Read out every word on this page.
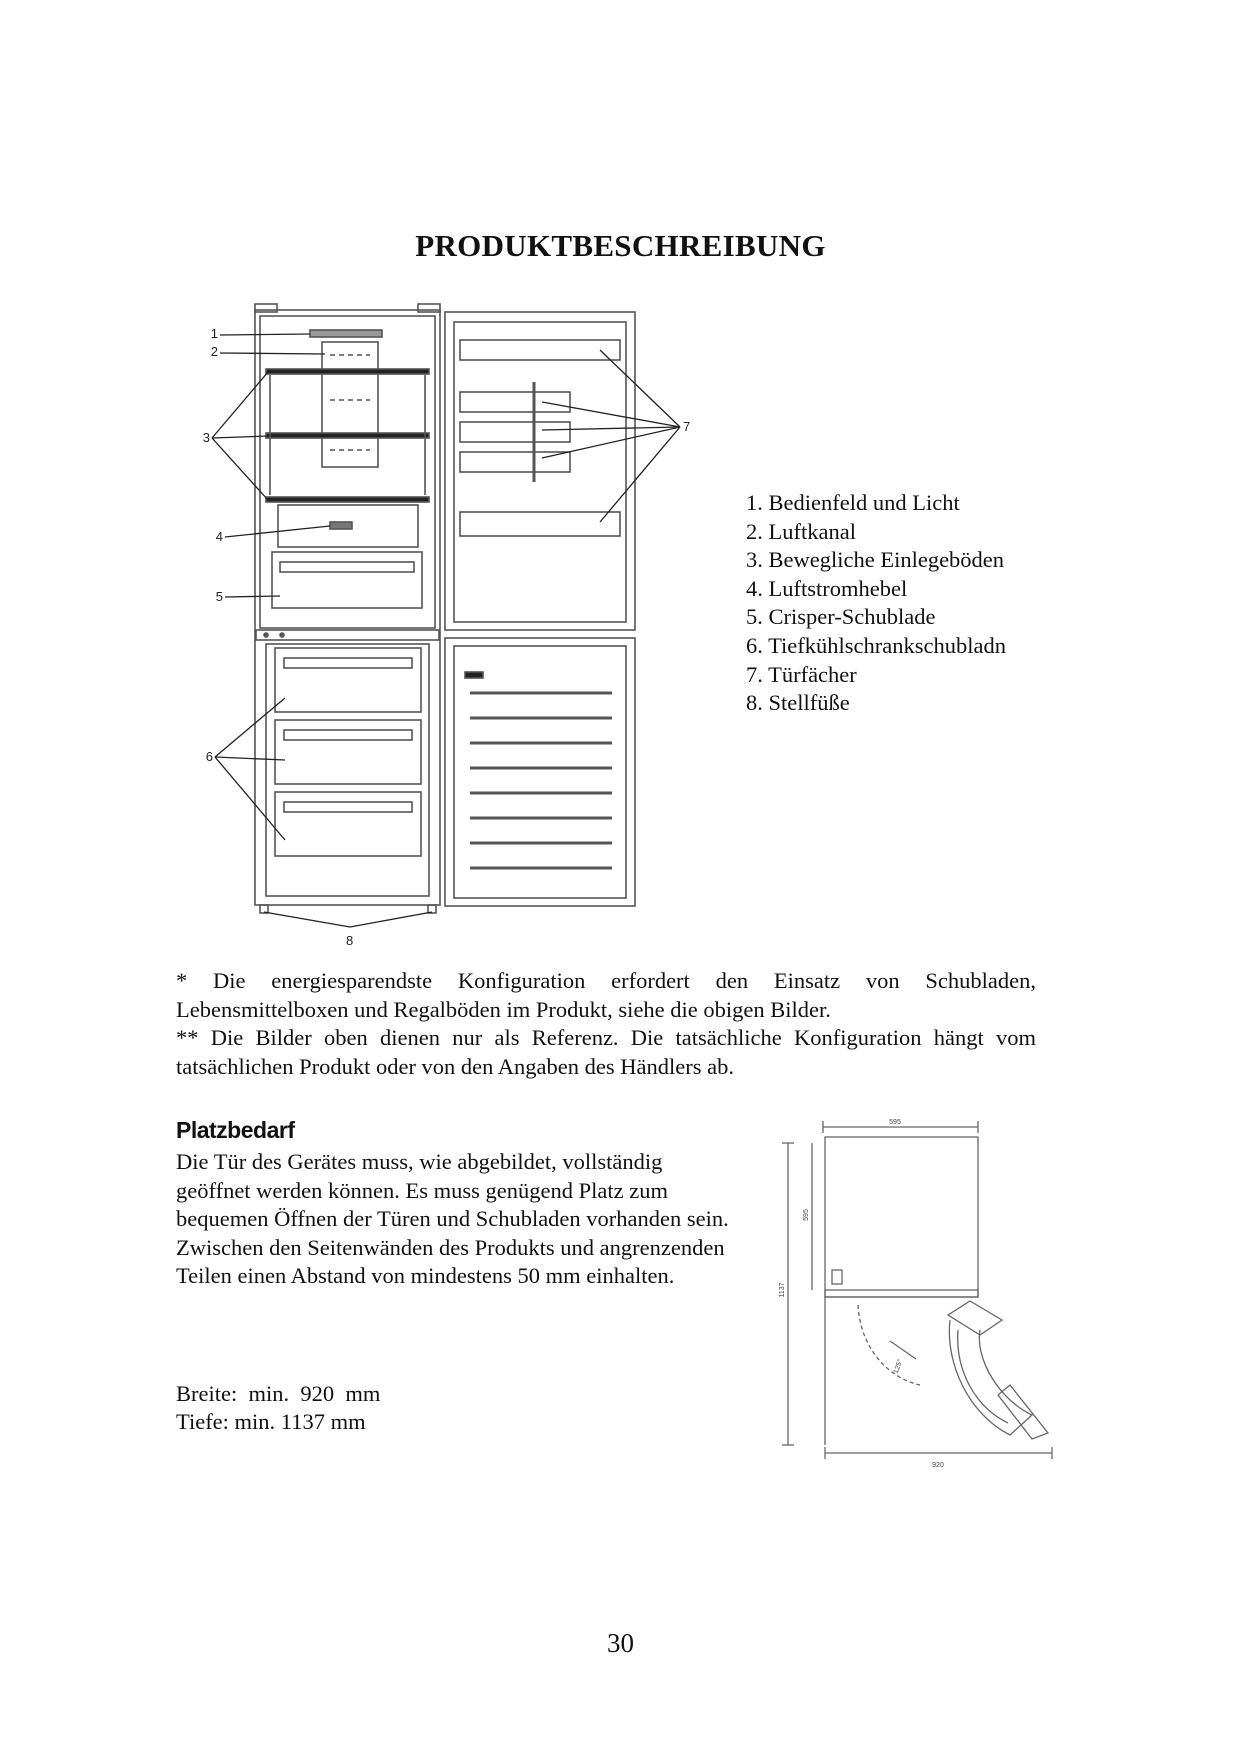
PRODUKTBESCHREIBUNG
1
2
3
4
5
6
7
8
1. Bedienfeld und Licht
2. Luftkanal
3. Bewegliche Einlegeböden
4. Luftstromhebel
5. Crisper-Schublade
6. Tiefkühlschrankschubladn
7. Türfächer
8. Stellfüße

* Die energiesparendste Konfiguration erfordert den Einsatz von Schubladen, Lebensmittelboxen und Regalböden im Produkt, siehe die obigen Bilder.

** Die Bilder oben dienen nur als Referenz. Die tatsächliche Konfiguration hängt vom tatsächlichen Produkt oder von den Angaben des Händlers ab.

Platzbedarf

Die Tür des Gerätes muss, wie abgebildet, vollständig geöffnet werden können. Es muss genügend Platz zum bequemen Öffnen der Türen und Schubladen vorhanden sein.

Zwischen den Seitenwänden des Produkts und angrenzenden Teilen einen Abstand von mindestens 50 mm einhalten.

Breite:  min.  920  mm
Tiefe: min. 1137 mm
595
595
1137
920
125°
30
